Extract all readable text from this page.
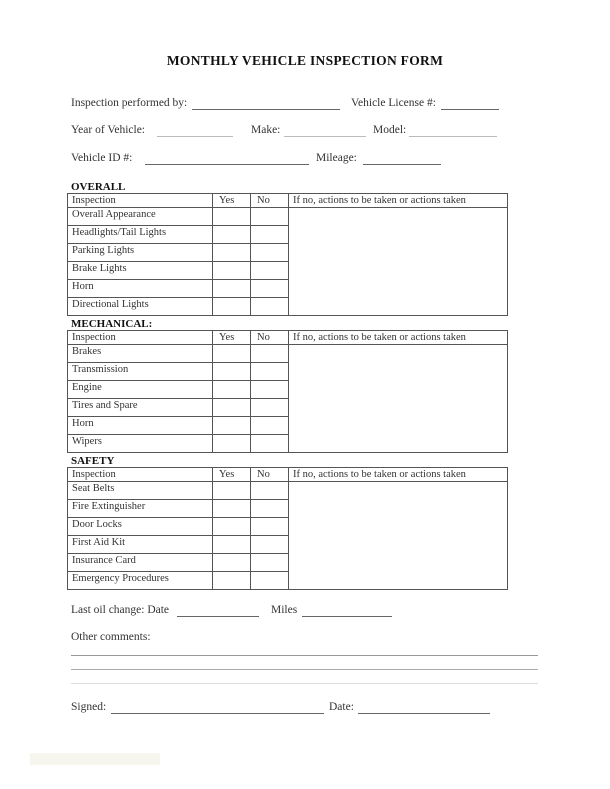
MONTHLY VEHICLE INSPECTION FORM
Inspection performed by:	Vehicle License #:
Year of Vehicle:	Make:	Model:
Vehicle ID #:	Mileage:
OVERALL
Inspection	Yes	No	If no, actions to be taken or actions taken
Overall Appearance			
Headlights/Tail Lights			
Parking Lights			
Brake Lights			
Horn			
Directional Lights			
MECHANICAL:
Inspection	Yes	No	If no, actions to be taken or actions taken
Brakes			
Transmission			
Engine			
Tires and Spare			
Horn			
Wipers			
SAFETY
Inspection	Yes	No	If no, actions to be taken or actions taken
Seat Belts			
Fire Extinguisher			
Door Locks			
First Aid Kit			
Insurance Card			
Emergency Procedures			
Last oil change: Date	Miles
Other comments:
Signed:	Date:
